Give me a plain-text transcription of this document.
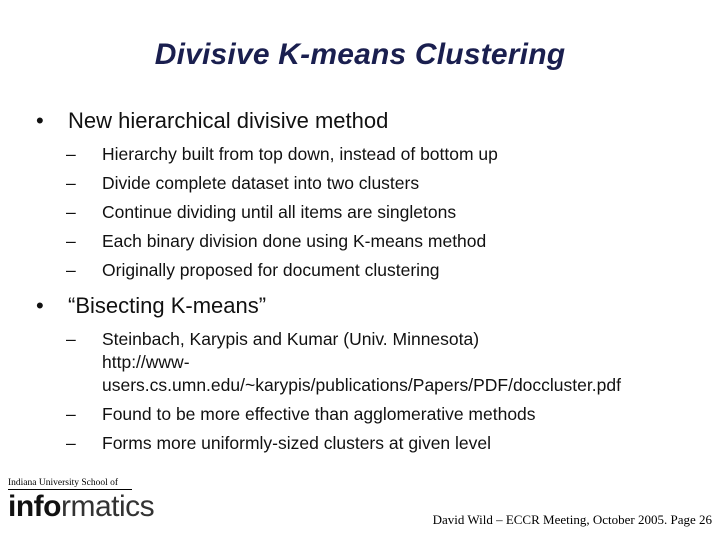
Divisive K-means Clustering
•	New hierarchical divisive method
– Hierarchy built from top down, instead of bottom up
– Divide complete dataset into two clusters
– Continue dividing until all items are singletons
– Each binary division done using K-means method
– Originally proposed for document clustering
•	“Bisecting K-means”
– Steinbach, Karypis and Kumar (Univ. Minnesota)
http://www-
users.cs.umn.edu/~karypis/publications/Papers/PDF/doccluster.pdf
– Found to be more effective than agglomerative methods
– Forms more uniformly-sized clusters at given level
Indiana University School of
informatics	David Wild – ECCR Meeting, October 2005. Page 26
